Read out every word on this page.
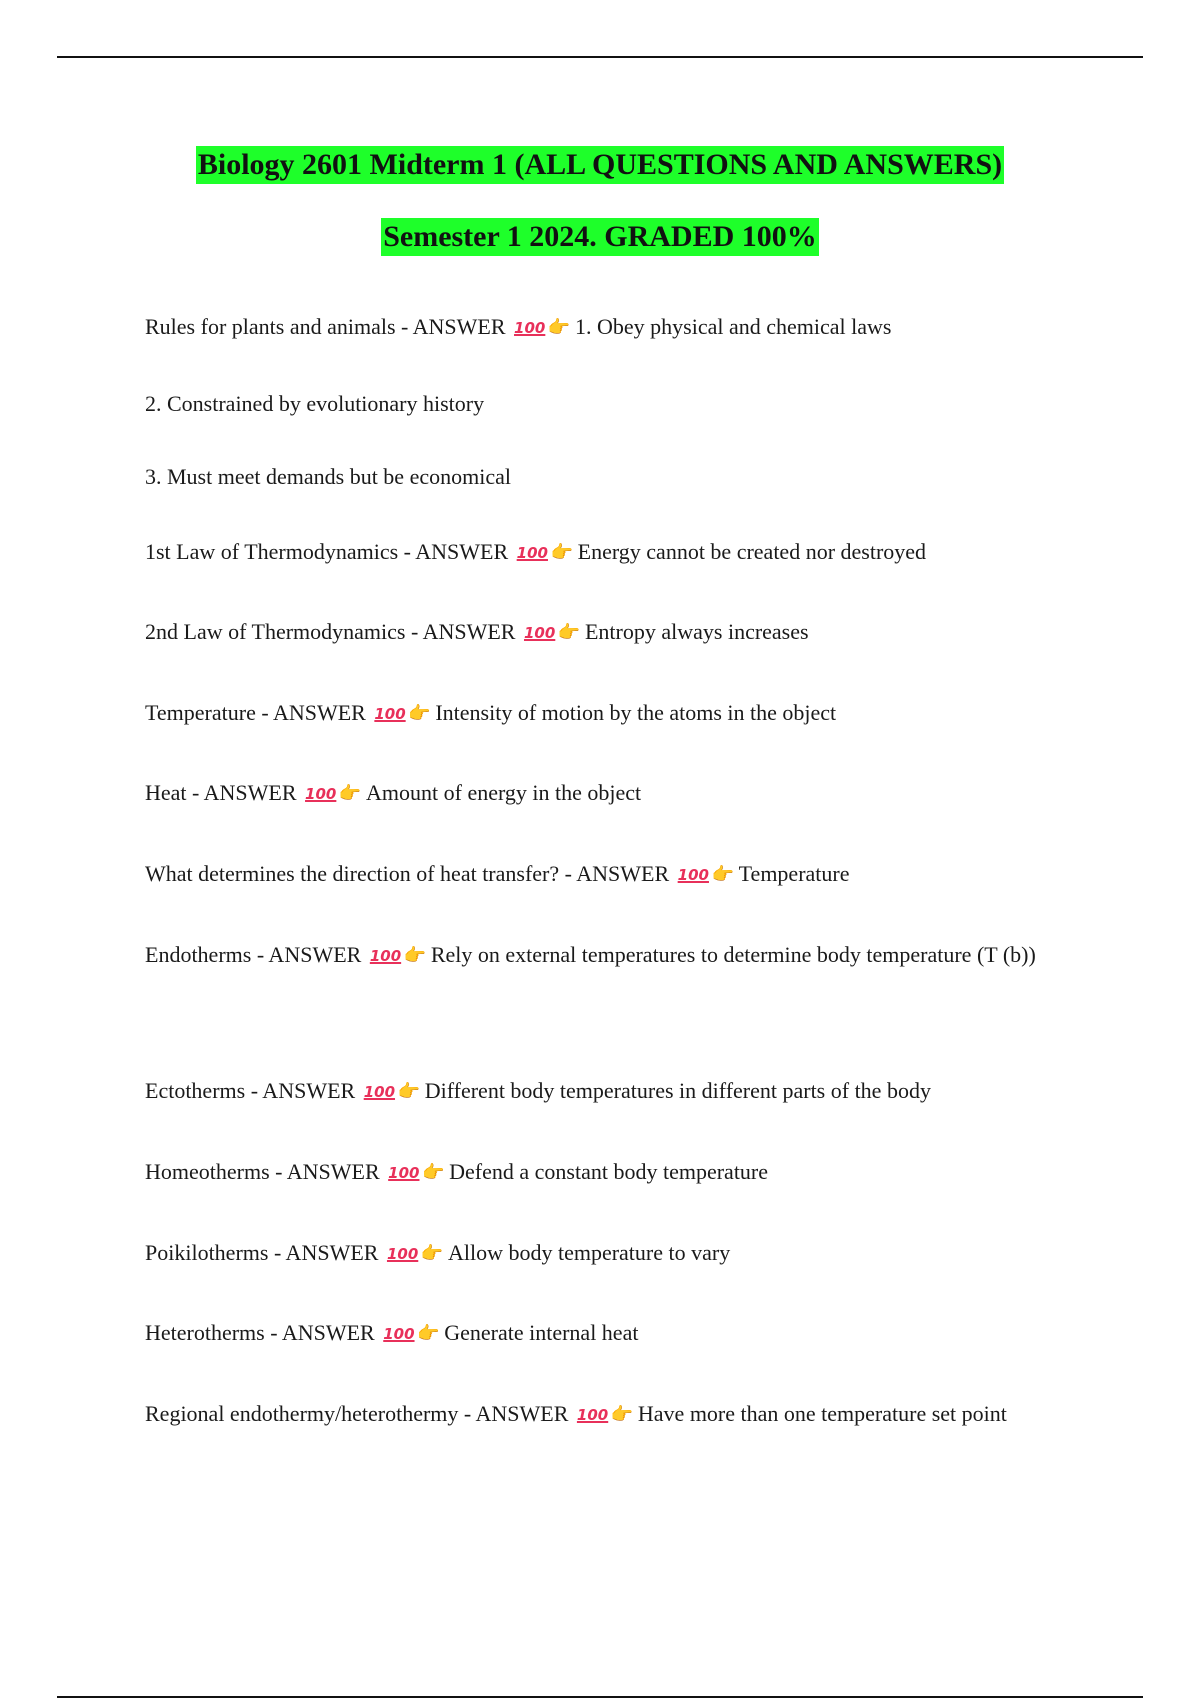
Biology 2601 Midterm 1 (ALL QUESTIONS AND ANSWERS)
Semester 1 2024. GRADED 100%
Rules for plants and animals - ANSWER 100 👉 1. Obey physical and chemical laws
2. Constrained by evolutionary history
3. Must meet demands but be economical
1st Law of Thermodynamics - ANSWER 100 👉 Energy cannot be created nor destroyed
2nd Law of Thermodynamics - ANSWER 100 👉 Entropy always increases
Temperature - ANSWER 100 👉 Intensity of motion by the atoms in the object
Heat - ANSWER 100 👉 Amount of energy in the object
What determines the direction of heat transfer? - ANSWER 100 👉 Temperature
Endotherms - ANSWER 100 👉 Rely on external temperatures to determine body temperature (T (b))
Ectotherms - ANSWER 100 👉 Different body temperatures in different parts of the body
Homeotherms - ANSWER 100 👉 Defend a constant body temperature
Poikilotherms - ANSWER 100 👉 Allow body temperature to vary
Heterotherms - ANSWER 100 👉 Generate internal heat
Regional endothermy/heterothermy - ANSWER 100 👉 Have more than one temperature set point
